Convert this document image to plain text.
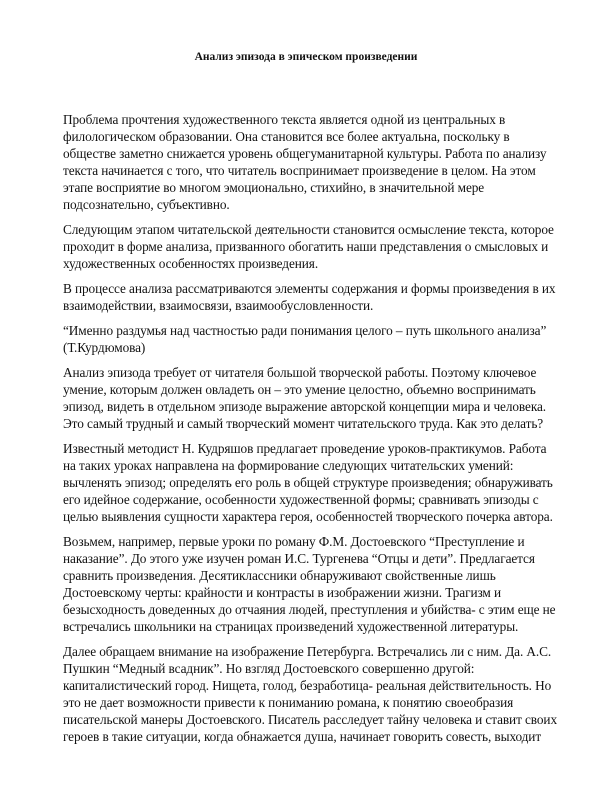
Анализ эпизода в эпическом произведении

Проблема прочтения художественного текста является одной из центральных в филологическом образовании. Она становится все более актуальна, поскольку в обществе заметно снижается уровень общегуманитарной культуры. Работа по анализу текста начинается с того, что читатель воспринимает произведение в целом. На этом этапе восприятие во многом эмоционально, стихийно, в значительной мере подсознательно, субъективно.

Следующим этапом читательской деятельности становится осмысление текста, которое проходит в форме анализа, призванного обогатить наши представления о смысловых и художественных особенностях произведения.

В процессе анализа рассматриваются элементы содержания и формы произведения в их взаимодействии, взаимосвязи, взаимообусловленности.

“Именно раздумья над частностью ради понимания целого – путь школьного анализа” (Т.Курдюмова)

Анализ эпизода требует от читателя большой творческой работы. Поэтому ключевое умение, которым должен овладеть он – это умение целостно, объемно воспринимать эпизод, видеть в отдельном эпизоде выражение авторской концепции мира и человека. Это самый трудный и самый творческий момент читательского труда. Как это делать?

Известный методист Н. Кудряшов предлагает проведение уроков-практикумов. Работа на таких уроках направлена на формирование следующих читательских умений: вычленять эпизод; определять его роль в общей структуре произведения; обнаруживать его идейное содержание, особенности художественной формы; сравнивать эпизоды с целью выявления сущности характера героя, особенностей творческого почерка автора.

Возьмем, например, первые уроки по роману Ф.М. Достоевского “Преступление и наказание”. До этого уже изучен роман И.С. Тургенева “Отцы и дети”. Предлагается сравнить произведения. Десятиклассники обнаруживают свойственные лишь Достоевскому черты: крайности и контрасты в изображении жизни. Трагизм и безысходность доведенных до отчаяния людей, преступления и убийства- с этим еще не встречались школьники на страницах произведений художественной литературы.

Далее обращаем внимание на изображение Петербурга. Встречались ли с ним. Да. А.С. Пушкин “Медный всадник”. Но взгляд Достоевского совершенно другой: капиталистический город. Нищета, голод, безработица- реальная действительность. Но это не дает возможности привести к пониманию романа, к понятию своеобразия писательской манеры Достоевского. Писатель расследует тайну человека и ставит своих героев в такие ситуации, когда обнажается душа, начинает говорить совесть, выходит
